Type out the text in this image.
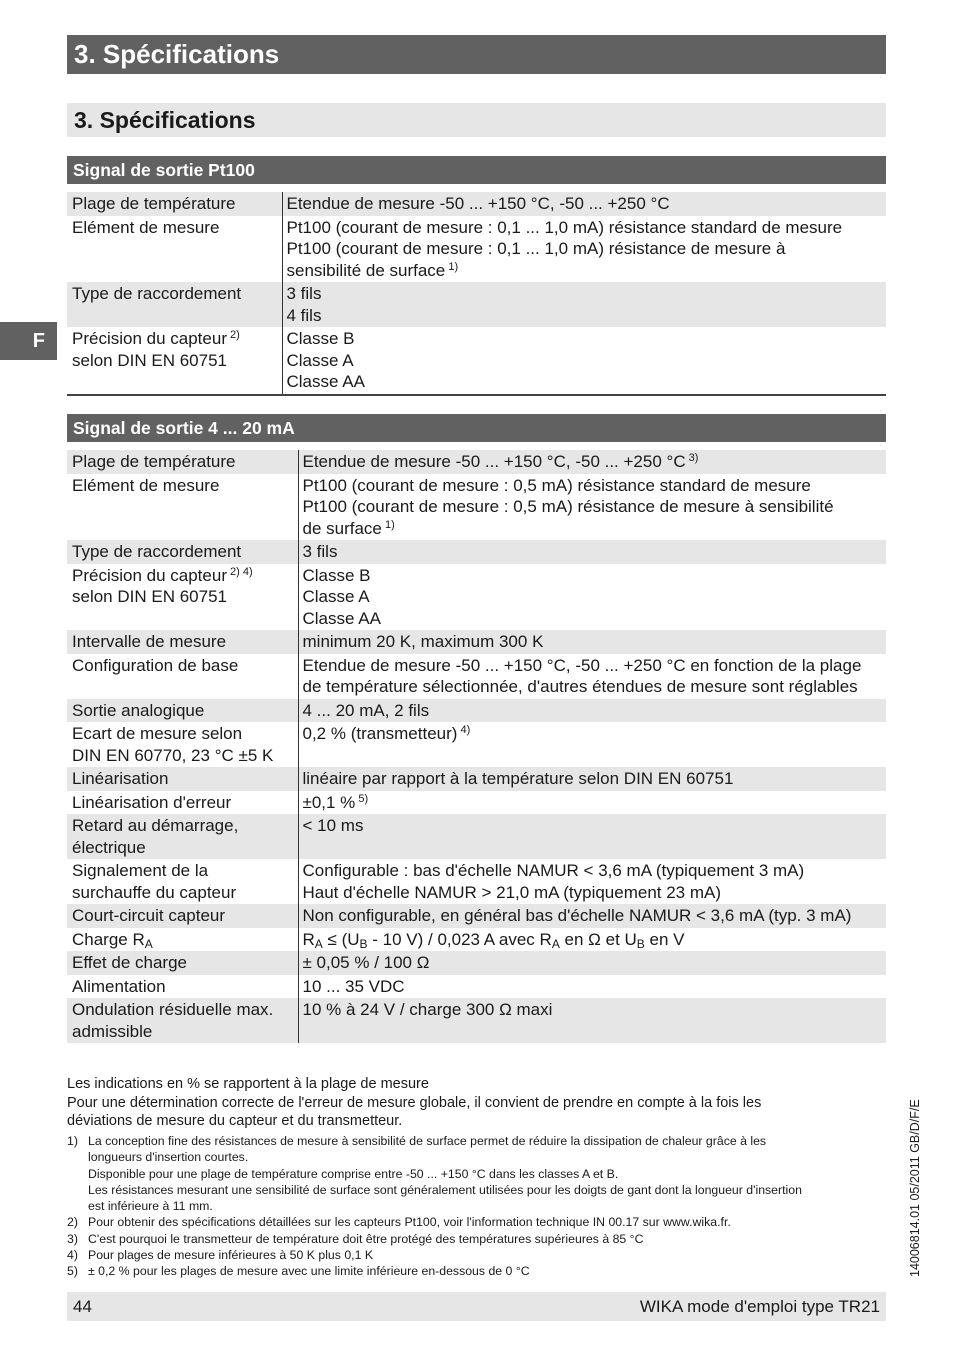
3. Spécifications
3. Spécifications
F
Signal de sortie Pt100
Plage de température	Etendue de mesure -50 ... +150 °C, -50 ... +250 °C

Elément de mesure	Pt100 (courant de mesure : 0,1 ... 1,0 mA) résistance standard de mesure
Pt100 (courant de mesure : 0,1 ... 1,0 mA) résistance de mesure à
sensibilité de surface $^{1)}$

Type de raccordement	3 fils
4 fils

Précision du capteur $^{2)}$
selon DIN EN 60751	Classe B
Classe A
Classe AA
Signal de sortie 4 ... 20 mA
Plage de température	Etendue de mesure -50 ... +150 °C, -50 ... +250 °C $^{3)}$

Elément de mesure	Pt100 (courant de mesure : 0,5 mA) résistance standard de mesure
Pt100 (courant de mesure : 0,5 mA) résistance de mesure à sensibilité
de surface $^{1)}$

Type de raccordement	3 fils

Précision du capteur $^{2) 4)}$
selon DIN EN 60751	Classe B
Classe A
Classe AA

Intervalle de mesure	minimum 20 K, maximum 300 K

Configuration de base	Etendue de mesure -50 ... +150 °C, -50 ... +250 °C en fonction de la plage
de température sélectionnée, d'autres étendues de mesure sont réglables

Sortie analogique	4 ... 20 mA, 2 fils

Ecart de mesure selon
DIN EN 60770, 23 °C ±5 K	0,2 % (transmetteur) $^{4)}$

Linéarisation	linéaire par rapport à la température selon DIN EN 60751

Linéarisation d'erreur	±0,1 % $^{5)}$

Retard au démarrage,
électrique	< 10 ms

Signalement de la
surchauffe du capteur	Configurable : bas d'échelle NAMUR < 3,6 mA (typiquement 3 mA)
Haut d'échelle NAMUR > 21,0 mA (typiquement 23 mA)

Court-circuit capteur	Non configurable, en général bas d'échelle NAMUR < 3,6 mA (typ. 3 mA)

Charge $R_A$	$R_A \le (U_B - 10$ V) / 0,023 A avec $R_A$ en Ω et $U_B$ en V

Effet de charge	± 0,05 % / 100 Ω

Alimentation	10 ... 35 VDC

Ondulation résiduelle max.
admissible	10 % à 24 V / charge 300 Ω maxi
Les indications en % se rapportent à la plage de mesure
Pour une détermination correcte de l'erreur de mesure globale, il convient de prendre en compte à la fois les
déviations de mesure du capteur et du transmetteur.
1) La conception fine des résistances de mesure à sensibilité de surface permet de réduire la dissipation de chaleur grâce à les
longueurs d'insertion courtes.
Disponible pour une plage de température comprise entre -50 ... +150 °C dans les classes A et B.
Les résistances mesurant une sensibilité de surface sont généralement utilisées pour les doigts de gant dont la longueur d'insertion
est inférieure à 11 mm.
2) Pour obtenir des spécifications détaillées sur les capteurs Pt100, voir l'information technique IN 00.17 sur www.wika.fr.
3) C'est pourquoi le transmetteur de température doit être protégé des températures supérieures à 85 °C
4) Pour plages de mesure inférieures à 50 K plus 0,1 K
5) ± 0,2 % pour les plages de mesure avec une limite inférieure en-dessous de 0 °C	14006814.01 05/2011 GB/D/F/E
44	WIKA mode d'emploi type TR21
